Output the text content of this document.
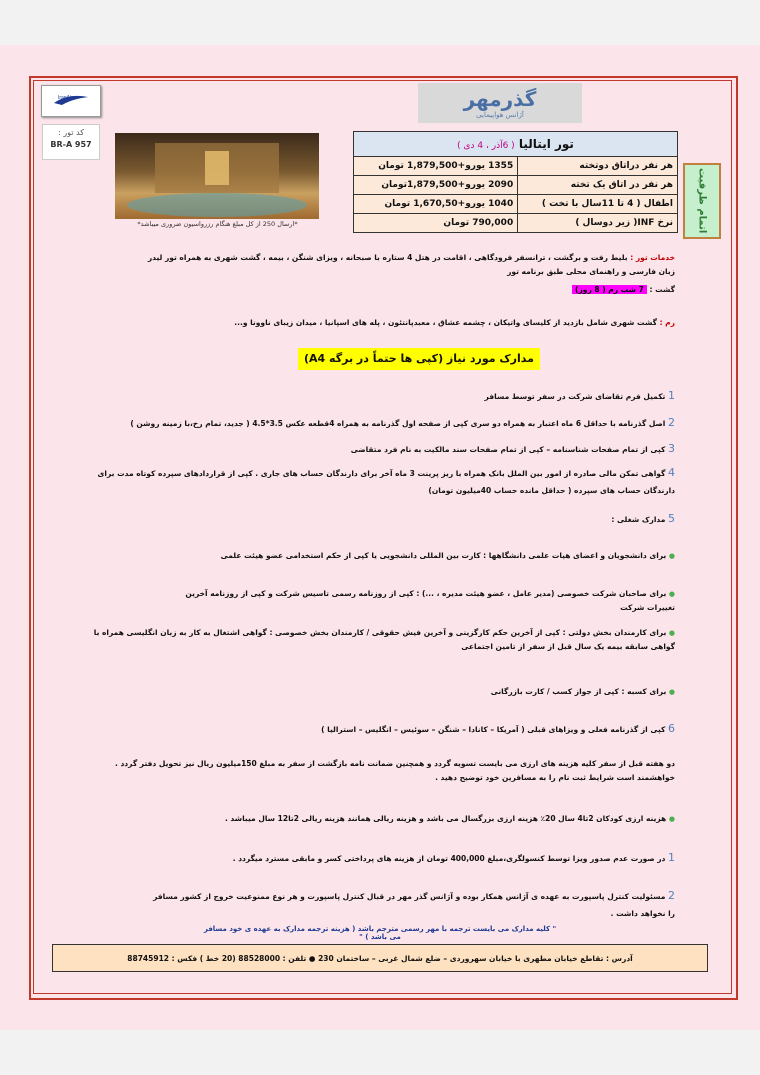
IranAir
کد تور :
BR-A 957
گذرمهر
آژانس هواپیمایی
*ارسال 250 از کل مبلغ هنگام رزرواسیون ضروری میباشد*
تور ایتالیا ( 6آذر ، 4 دی )	
هر نفر دراتاق دوتخته	1355 یورو+1,879,500 تومان
هر نفر در اتاق یک تخته	2090 یورو+1,879,500تومان
اطفال ( 4 تا 11سال با تخت )	1040 یورو+1,670,50 تومان
نرخ INF( زیر دوسال )	790,000 تومان	اتمام ظرفیت
خدمات تور : بلیط رفت و برگشت ، ترانسفر فرودگاهی ، اقامت در هتل 4 ستاره با صبحانه ، ویزای شنگن ، بیمه ، گشت شهری به همراه تور لیدر زبان فارسی و راهنمای محلی طبق برنامه تور
گشت : 7 شب رم ( 8 روز)
رم : گشت شهری شامل بازدید از کلیسای واتیکان ، چشمه عشاق ، معبدپانتئون ، پله های اسپانیا ، میدان زیبای ناوونا و...
مدارک مورد نیاز (کپی ها حتماً در برگه A4)
1 تکمیل فرم تقاضای شرکت در سفر توسط مسافر
2 اصل گذرنامه با حداقل 6 ماه اعتبار به همراه دو سری کپی از صفحه اول گذرنامه به همراه 4قطعه عکس 3.5*4.5 ( جدید، تمام رخ،با زمینه روشن )
3 کپی از تمام صفحات شناسنامه – کپی از تمام صفحات سند مالکیت به نام فرد متقاضی
4 گواهی تمکن مالی صادره از امور بین الملل بانک همراه با ریز پرینت 3 ماه آخر برای دارندگان حساب های جاری . کپی از قراردادهای سپرده کوتاه مدت برای دارندگان حساب های سپرده ( حداقل مانده حساب 40میلیون تومان)
5 مدارک شغلی :
● برای دانشجویان و اعضای هیات علمی دانشگاهها : کارت بین المللی دانشجویی یا کپی از حکم استخدامی عضو هیئت علمی
● برای صاحبان شرکت خصوصی (مدیر عامل ، عضو هیئت مدیره ، ...) : کپی از روزنامه رسمی تاسیس شرکت و کپی از روزنامه آخرین تغییرات شرکت
● برای کارمندان بخش دولتی : کپی از آخرین حکم کارگزینی و آخرین فیش حقوقی / کارمندان بخش خصوصی : گواهی اشتغال به کار به زبان انگلیسی همراه با گواهی سابقه بیمه یک سال قبل از سفر از تامین اجتماعی
● برای کسبه : کپی از جواز کسب / کارت بازرگانی
6 کپی از گذرنامه فعلی و ویزاهای قبلی ( آمریکا – کانادا – شنگن – سوئیس – انگلیس – استرالیا )
دو هفته قبل از سفر کلیه هزینه های ارزی می بایست تسویه گردد و همچنین ضمانت نامه بازگشت از سفر به مبلغ 150میلیون ریال نیز تحویل دفتر گردد . خواهشمند است شرایط ثبت نام را به مسافرین خود توضیح دهید .
● هزینه ارزی کودکان 2تا4 سال 20٪ هزینه ارزی بزرگسال می باشد و هزینه ریالی همانند هزینه ریالی 2تا12 سال میباشد .
1 در صورت عدم صدور ویزا توسط کنسولگری،مبلغ 400,000 تومان از هزینه های پرداختی کسر و مابقی مسترد میگردد .
2 مسئولیت کنترل پاسپورت به عهده ی آژانس همکار بوده و آژانس گذر مهر در قبال کنترل پاسپورت و هر نوع ممنوعیت خروج از کشور مسافر را نخواهد داشت .
" کلیه مدارک می بایست ترجمه با مهر رسمی مترجم باشد ( هزینه ترجمه مدارک به عهده ی خود مسافر می باشد ) "
آدرس : تقاطع خیابان مطهری با خیابان سهروردی – ضلع شمال غربی – ساختمان 230 ● تلفن : 88528000 (20 خط ) فکس : 88745912
